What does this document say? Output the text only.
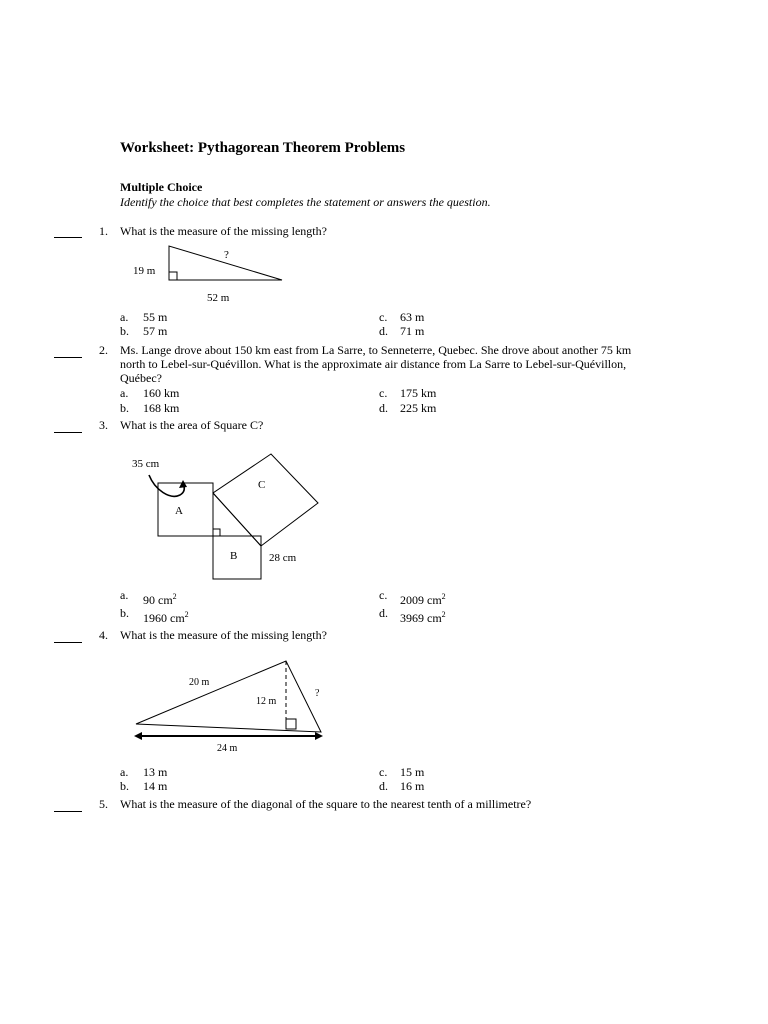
Worksheet: Pythagorean Theorem Problems
Multiple Choice
Identify the choice that best completes the statement or answers the question.
1. What is the measure of the missing length?
19 m
52 m
?
a. 55 m
b. 57 m
c. 63 m
d. 71 m
2. Ms. Lange drove about 150 km east from La Sarre, to Senneterre, Quebec. She drove about another 75 km
north to Lebel-sur-Quévillon. What is the approximate air distance from La Sarre to Lebel-sur-Quévillon,
Québec?
a. 160 km
b. 168 km
c. 175 km
d. 225 km
3. What is the area of Square C?
35 cm
28 cm
A
B
C
a. 90 $cm^2$
b. 1960 $cm^2$
c. 2009 $cm^2$
d. 3969 $cm^2$
4. What is the measure of the missing length?
20 m
12 m
?
24 m
a. 13 m
b. 14 m
c. 15 m
d. 16 m
5. What is the measure of the diagonal of the square to the nearest tenth of a millimetre?
